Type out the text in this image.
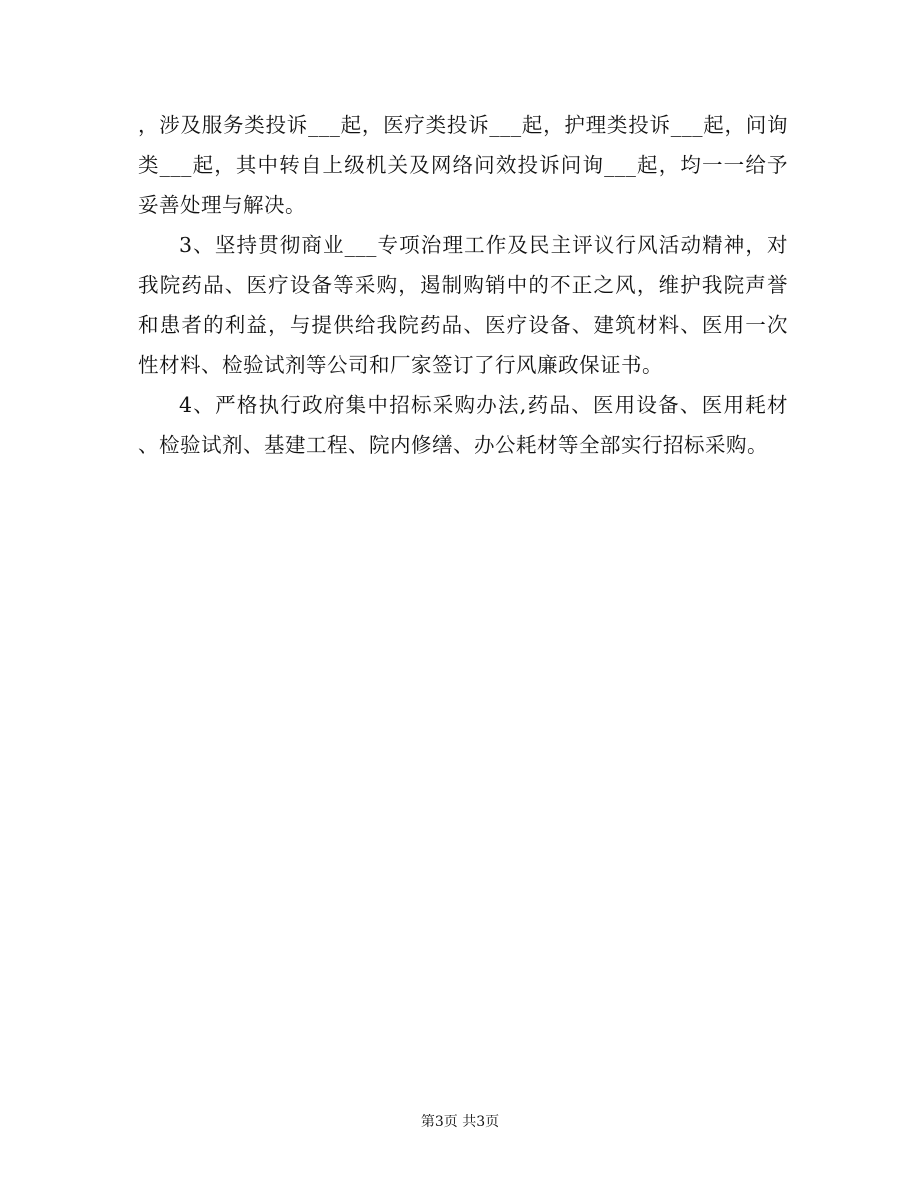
，涉及服务类投诉___起，医疗类投诉___起，护理类投诉___起，问询
类___起，其中转自上级机关及网络问效投诉问询___起，均一一给予
妥善处理与解决。
3、坚持贯彻商业___专项治理工作及民主评议行风活动精神，对
我院药品、医疗设备等采购，遏制购销中的不正之风，维护我院声誉
和患者的利益，与提供给我院药品、医疗设备、建筑材料、医用一次
性材料、检验试剂等公司和厂家签订了行风廉政保证书。
4、严格执行政府集中招标采购办法,药品、医用设备、医用耗材
、检验试剂、基建工程、院内修缮、办公耗材等全部实行招标采购。
第3页 共3页
